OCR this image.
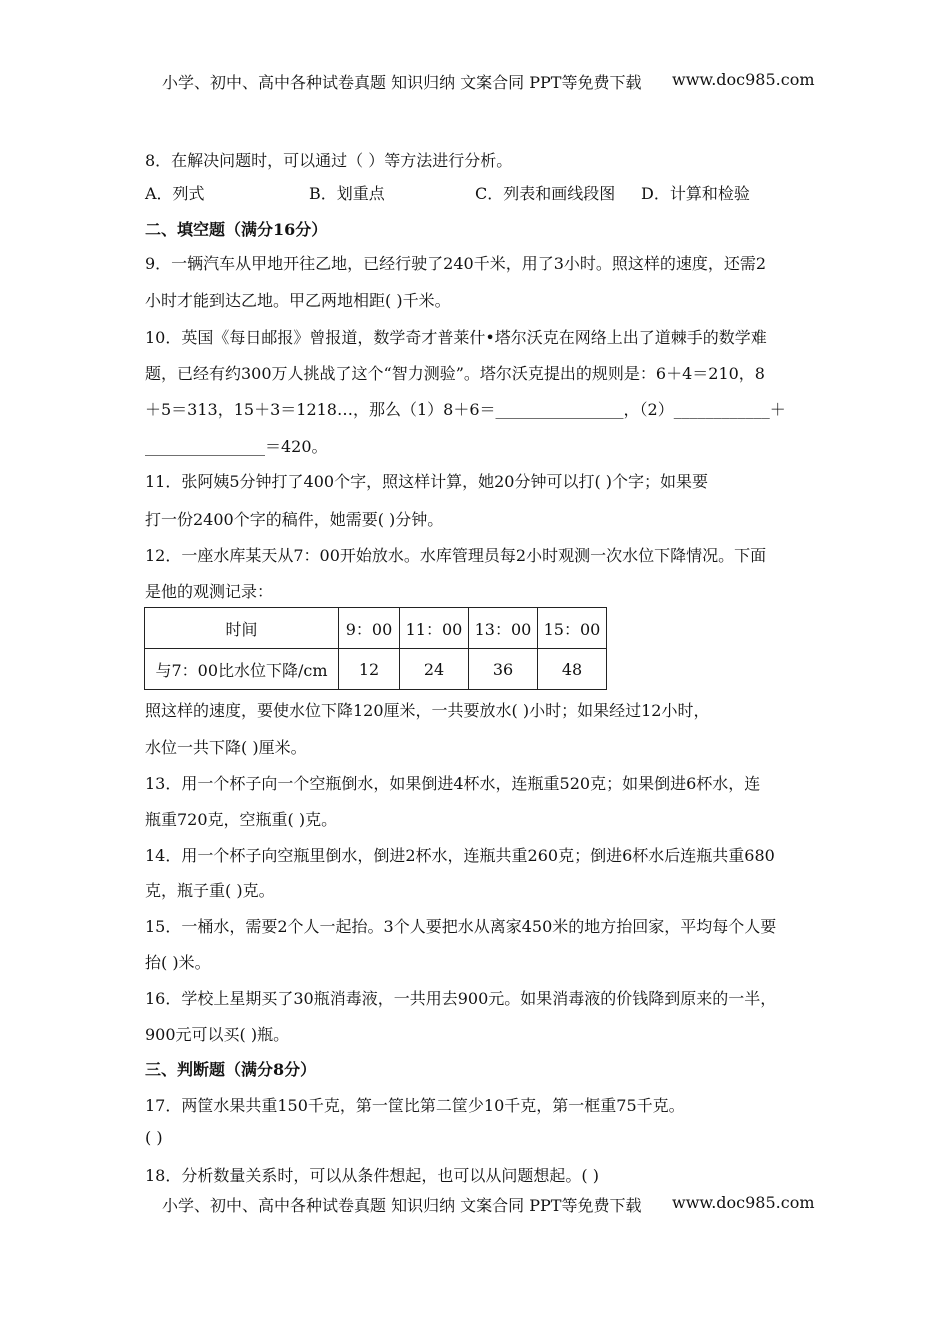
小学、初中、高中各种试卷真题 知识归纳 文案合同 PPT等免费下载 www.doc985.com
8．在解决问题时，可以通过（ ）等方法进行分析。
A．列式	B．划重点	C．列表和画线段图 D．计算和检验
二、填空题（满分16分）
9．一辆汽车从甲地开往乙地，已经行驶了240千米，用了3小时。照这样的速度，还需2
小时才能到达乙地。甲乙两地相距( )千米。
10．英国《每日邮报》曾报道，数学奇才普莱什•塔尔沃克在网络上出了道棘手的数学难
题，已经有约300万人挑战了这个“智力测验”。塔尔沃克提出的规则是：6＋4＝210，8
＋5＝313，15＋3＝1218…，那么（1）8＋6＝________________，（2）____________＋
_______________＝420。
11．张阿姨5分钟打了400个字，照这样计算，她20分钟可以打( )个字；如果要
打一份2400个字的稿件，她需要( )分钟。
12．一座水库某天从7：00开始放水。水库管理员每2小时观测一次水位下降情况。下面
是他的观测记录：
时间	9：00	11：00	13：00	15：00
与7：00比水位下降/cm	12	24	36	48
照这样的速度，要使水位下降120厘米，一共要放水( )小时；如果经过12小时，
水位一共下降( )厘米。
13．用一个杯子向一个空瓶倒水，如果倒进4杯水，连瓶重520克；如果倒进6杯水，连
瓶重720克，空瓶重( )克。
14．用一个杯子向空瓶里倒水，倒进2杯水，连瓶共重260克；倒进6杯水后连瓶共重680
克，瓶子重( )克。
15．一桶水，需要2个人一起抬。3个人要把水从离家450米的地方抬回家，平均每个人要
抬( )米。
16．学校上星期买了30瓶消毒液，一共用去900元。如果消毒液的价钱降到原来的一半，
900元可以买( )瓶。
三、判断题（满分8分）
17．两筐水果共重150千克，第一筐比第二筐少10千克，第一框重75千克。
( )
18．分析数量关系时，可以从条件想起，也可以从问题想起。( )
小学、初中、高中各种试卷真题 知识归纳 文案合同 PPT等免费下载 www.doc985.com
